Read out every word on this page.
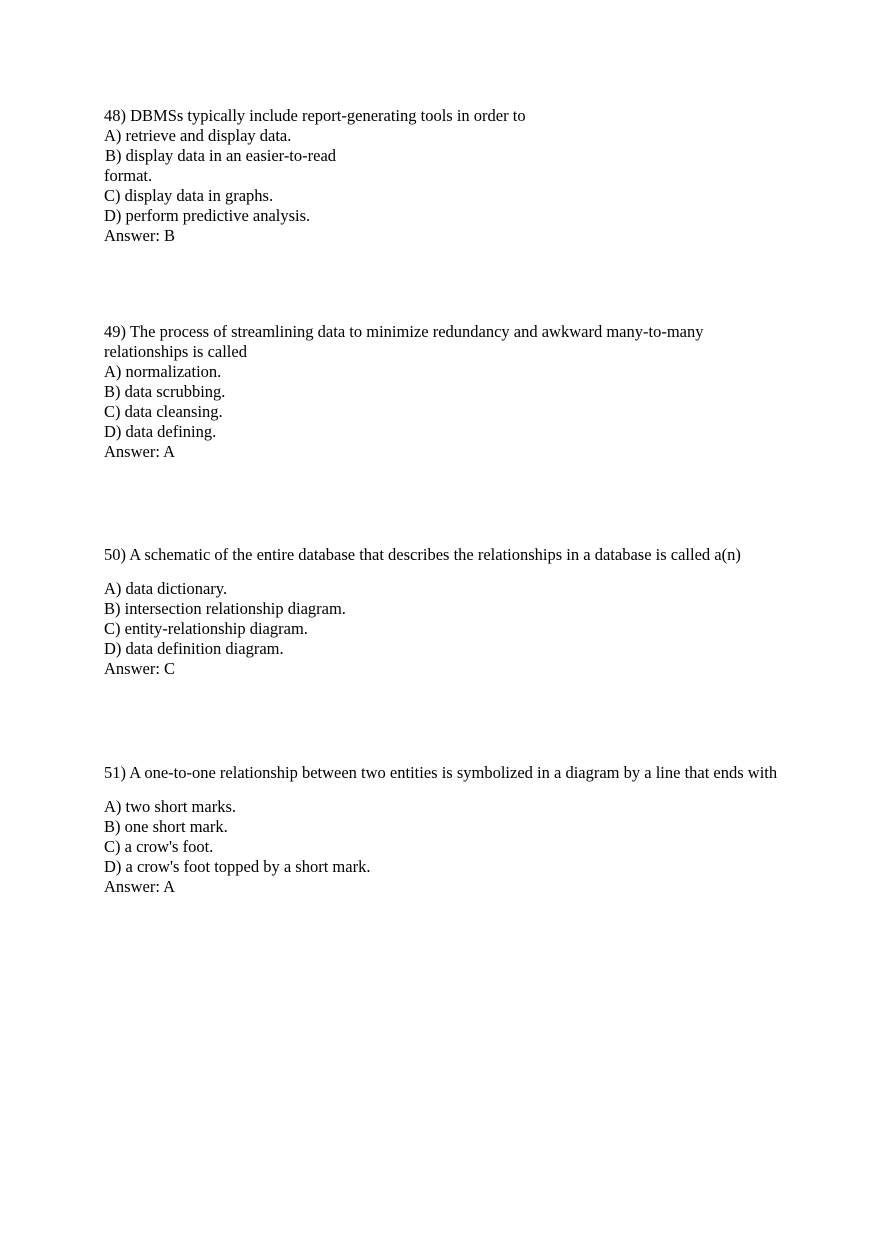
48) DBMSs typically include report-generating tools in order to
A) retrieve and display data.
B) display data in an easier-to-read
format.
C) display data in graphs.
D) perform predictive analysis.
Answer: B
49) The process of streamlining data to minimize redundancy and awkward many-to-many relationships is called
A) normalization.
B) data scrubbing.
C) data cleansing.
D) data defining.
Answer: A
50) A schematic of the entire database that describes the relationships in a database is called a(n)
A) data dictionary.
B) intersection relationship diagram.
C) entity-relationship diagram.
D) data definition diagram.
Answer: C
51) A one-to-one relationship between two entities is symbolized in a diagram by a line that ends with
A) two short marks.
B) one short mark.
C) a crow's foot.
D) a crow's foot topped by a short mark.
Answer: A
